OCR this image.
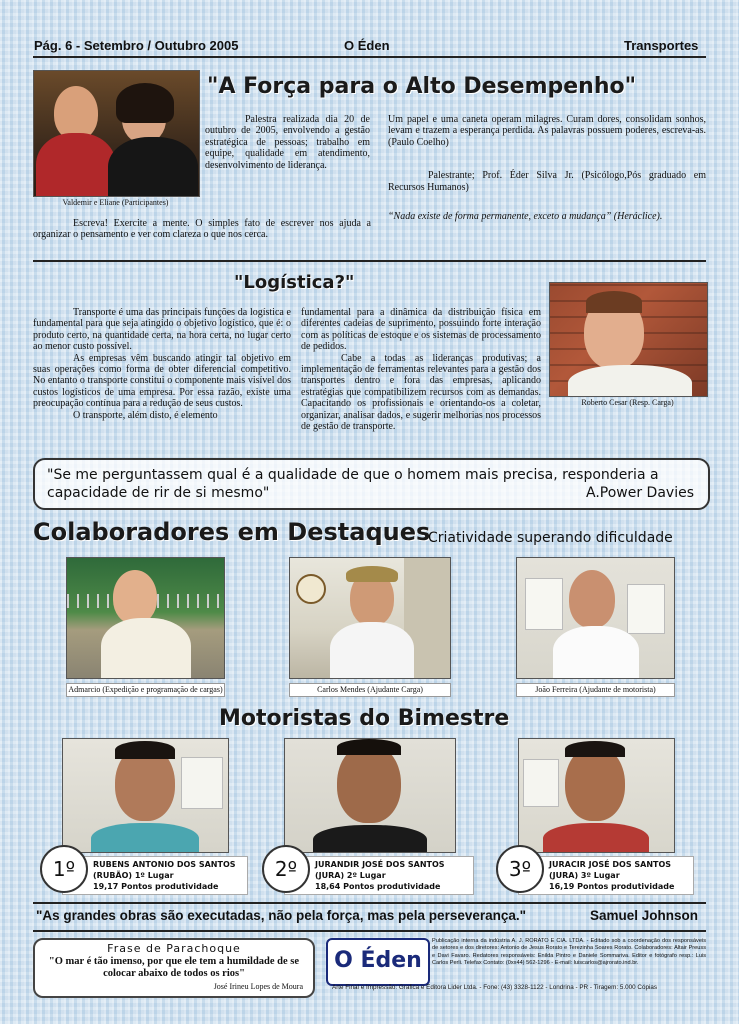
Pág. 6 - Setembro / Outubro 2005	O Éden	Transportes
Valdemir e Eliane (Participantes)
"A Força para o Alto Desempenho"

Palestra realizada dia 20 de outubro de 2005, envolvendo a gestão estratégica de pessoas; trabalho em equipe, qualidade em atendimento, desenvolvimento de liderança.

Escreva! Exercite a mente. O simples fato de escrever nos ajuda a organizar o pensamento e ver com clareza o que nos cerca.

Um papel e uma caneta operam milagres. Curam dores, consolidam sonhos, levam e trazem a esperança perdida. As palavras possuem poderes, escreva-as. (Paulo Coelho)

Palestrante; Prof. Éder Silva Jr. (Psicólogo,Pós graduado em Recursos Humanos)

“Nada existe de forma permanente, exceto a mudança” (Heráclice).

"Logística?"

Transporte é uma das principais funções da logística e fundamental para que seja atingido o objetivo logístico, que é: o produto certo, na quantidade certa, na hora certa, no lugar certo ao menor custo possível.

As empresas vêm buscando atingir tal objetivo em suas operações como forma de obter diferencial competitivo. No entanto o transporte constitui o componente mais visível dos custos logísticos de uma empresa. Por essa razão, existe uma preocupação contínua para a redução de seus custos.

O transporte, além disto, é elemento

fundamental para a dinâmica da distribuição física em diferentes cadeias de suprimento, possuindo forte interação com as políticas de estoque e os sistemas de processamento de pedidos.

Cabe a todas as lideranças produtivas; a implementação de ferramentas relevantes para a gestão dos transportes dentro e fora das empresas, aplicando estratégias que compatibilizem recursos com as demandas. Capacitando os profissionais e orientando-os a coletar, organizar, analisar dados, e sugerir melhorias nos processos de gestão de transporte.

Roberto Cesar (Resp. Carga)
"Se me perguntassem qual é a qualidade de que o homem mais precisa, responderia a capacidade de rir de si mesmo"	A.Power Davies
Colaboradores em Destaques
Criatividade superando dificuldade
Admarcio (Expedição e programação de cargas)	Carlos Mendes (Ajudante Carga)	João Ferreira (Ajudante de motorista)
Motoristas do Bimestre
RUBENS ANTONIO DOS SANTOS
(RUBÃO) 1º Lugar
19,17 Pontos produtividade
1º	JURANDIR JOSÉ DOS SANTOS
(JURA) 2º Lugar
18,64 Pontos produtividade
2º	JURACIR JOSÉ DOS SANTOS
(JURA) 3º Lugar
16,19 Pontos produtividade
3º
"As grandes obras são executadas, não pela força, mas pela perseverança."	Samuel Johnson
Frase de Parachoque
"O mar é tão imenso, por que ele tem a humildade de se colocar abaixo de todos os rios"
José Irineu Lopes de Moura
O Éden
Publicação interna da indústria A. J. RORATO E CIA. LTDA. - Editado sob a coordenação dos responsáveis de setores e dos diretores: Antonio de Jesus Rorato e Terezinha Soares Rorato. Colaboradores: Altair Preuss e Davi Favaro. Redatores responsáveis: Enilda Pintro e Daniele Sommariva. Editor e fotógrafo resp.: Luis Carlos Perli. Telefax Contato: (0xx44) 562-1296 - E-mail: luiscarlos@ajrorato.ind.br.
Arte Final e Impressão: Grafica e Editora Lider Ltda. - Fone: (43) 3328-1122 - Londrina - PR - Tiragem: 5.000 Cópias
